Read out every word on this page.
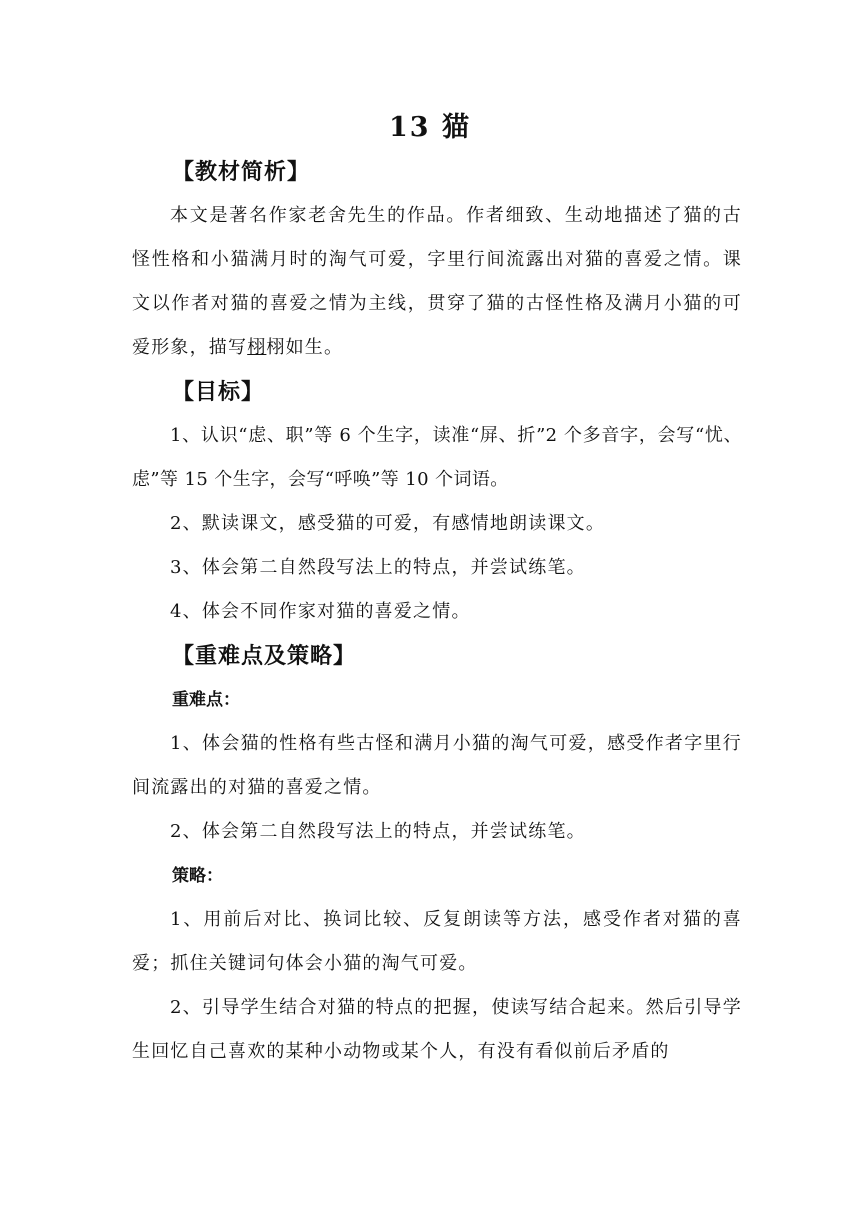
13 猫
【教材简析】

本文是著名作家老舍先生的作品。作者细致、生动地描述了猫的古怪性格和小猫满月时的淘气可爱，字里行间流露出对猫的喜爱之情。课文以作者对猫的喜爱之情为主线，贯穿了猫的古怪性格及满月小猫的可爱形象，描写栩栩如生。

【目标】

1、认识“虑、职”等 6 个生字，读准“屏、折”2 个多音字，会写“忧、虑”等 15 个生字，会写“呼唤”等 10 个词语。

2、默读课文，感受猫的可爱，有感情地朗读课文。

3、体会第二自然段写法上的特点，并尝试练笔。

4、体会不同作家对猫的喜爱之情。

【重难点及策略】
重难点：

1、体会猫的性格有些古怪和满月小猫的淘气可爱，感受作者字里行间流露出的对猫的喜爱之情。

2、体会第二自然段写法上的特点，并尝试练笔。

策略：

1、用前后对比、换词比较、反复朗读等方法，感受作者对猫的喜爱；抓住关键词句体会小猫的淘气可爱。

2、引导学生结合对猫的特点的把握，使读写结合起来。然后引导学生回忆自己喜欢的某种小动物或某个人，有没有看似前后矛盾的
